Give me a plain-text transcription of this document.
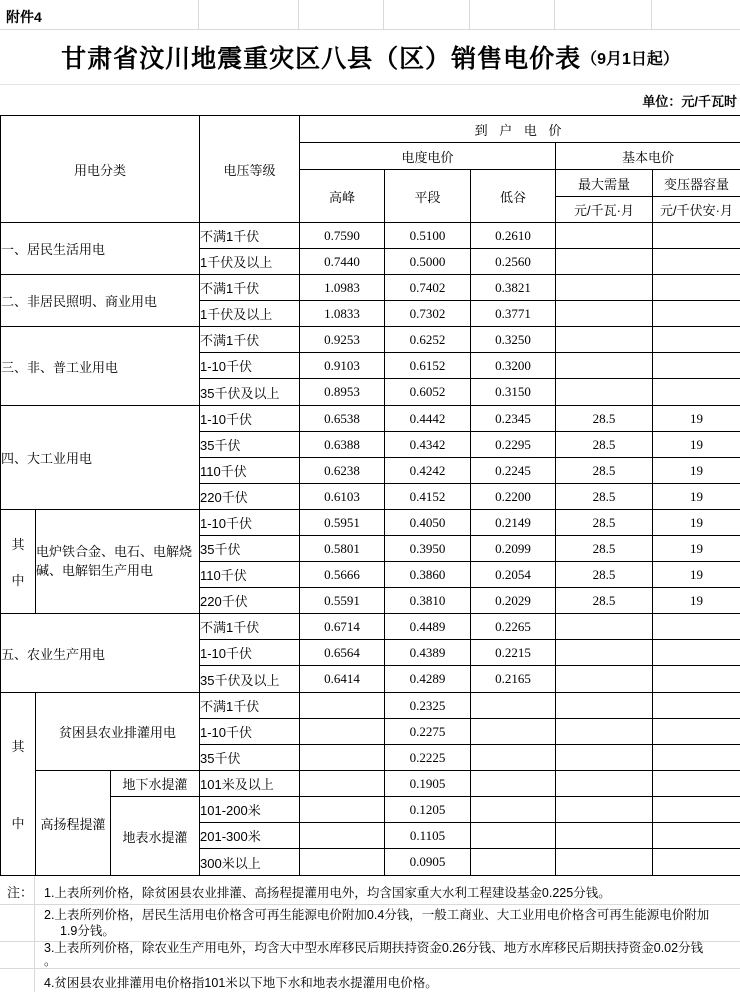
附件4
甘肃省汶川地震重灾区八县（区）销售电价表 （9月1日起）
单位：元/千瓦时
用电分类			电压等级	到 户 电 价				
				电度电价			基本电价	
				高峰	平段	低谷	最大需量	变压器容量
							元/千瓦·月	元/千伏安·月
一、居民生活用电			不满1千伏	0.7590	0.5100	0.2610		
			1千伏及以上	0.7440	0.5000	0.2560		
二、非居民照明、商业用电			不满1千伏	1.0983	0.7402	0.3821		
			1千伏及以上	1.0833	0.7302	0.3771		
三、非、普工业用电			不满1千伏	0.9253	0.6252	0.3250		
			1-10千伏	0.9103	0.6152	0.3200		
			35千伏及以上	0.8953	0.6052	0.3150		
四、大工业用电			1-10千伏	0.6538	0.4442	0.2345	28.5	19
			35千伏	0.6388	0.4342	0.2295	28.5	19
			110千伏	0.6238	0.4242	0.2245	28.5	19
			220千伏	0.6103	0.4152	0.2200	28.5	19

其
中	电炉铁合金、电石、电解烧碱、电解铝生产用电		1-10千伏	0.5951	0.4050	0.2149	28.5	19
			35千伏	0.5801	0.3950	0.2099	28.5	19
			110千伏	0.5666	0.3860	0.2054	28.5	19
			220千伏	0.5591	0.3810	0.2029	28.5	19
五、农业生产用电			不满1千伏	0.6714	0.4489	0.2265		
			1-10千伏	0.6564	0.4389	0.2215		
			35千伏及以上	0.6414	0.4289	0.2165		

其
中	贫困县农业排灌用电		不满1千伏		0.2325			
			1-10千伏		0.2275			
			35千伏		0.2225			
	高扬程提灌	地下水提灌	101米及以上		0.1905			
		地表水提灌	101-200米		0.1205			
			201-300米		0.1105			
			300米以上		0.0905			
注： 1.上表所列价格，除贫困县农业排灌、高扬程提灌用电外，均含国家重大水利工程建设基金0.225分钱。
2.上表所列价格，居民生活用电价格含可再生能源电价附加0.4分钱，一般工商业、大工业用电价格含可再生能源电价附加
1.9分钱。
3.上表所列价格，除农业生产用电外，均含大中型水库移民后期扶持资金0.26分钱、地方水库移民后期扶持资金0.02分钱
。
4.贫困县农业排灌用电价格指101米以下地下水和地表水提灌用电价格。
